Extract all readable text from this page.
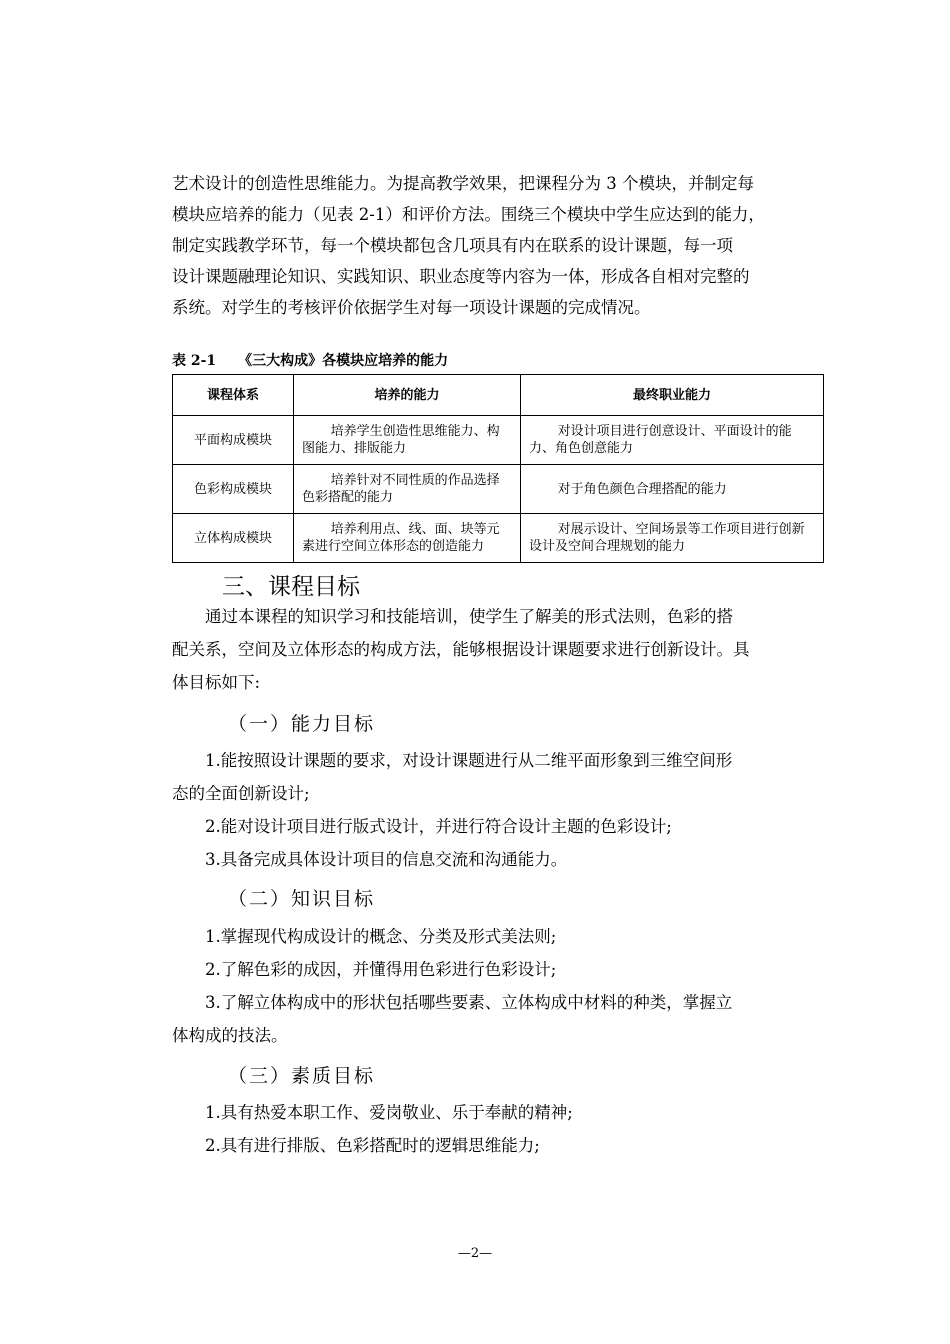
艺术设计的创造性思维能力。为提高教学效果，把课程分为 3 个模块，并制定每

模块应培养的能力（见表 2-1）和评价方法。围绕三个模块中学生应达到的能力，

制定实践教学环节，每一个模块都包含几项具有内在联系的设计课题，每一项

设计课题融理论知识、实践知识、职业态度等内容为一体，形成各自相对完整的

系统。对学生的考核评价依据学生对每一项设计课题的完成情况。

表 2-1 《三大构成》各模块应培养的能力
课程体系	培养的能力	最终职业能力
平面构成模块	培养学生创造性思维能力、构图能力、排版能力	对设计项目进行创意设计、平面设计的能力、角色创意能力
色彩构成模块	培养针对不同性质的作品选择色彩搭配的能力	对于角色颜色合理搭配的能力
立体构成模块	培养利用点、线、面、块等元素进行空间立体形态的创造能力	对展示设计、空间场景等工作项目进行创新设计及空间合理规划的能力
三、课程目标

通过本课程的知识学习和技能培训，使学生了解美的形式法则，色彩的搭

配关系，空间及立体形态的构成方法，能够根据设计课题要求进行创新设计。具

体目标如下:

（一）能力目标

1.能按照设计课题的要求，对设计课题进行从二维平面形象到三维空间形

态的全面创新设计;

2.能对设计项目进行版式设计，并进行符合设计主题的色彩设计;

3.具备完成具体设计项目的信息交流和沟通能力。

（二）知识目标

1.掌握现代构成设计的概念、分类及形式美法则;

2.了解色彩的成因，并懂得用色彩进行色彩设计;

3.了解立体构成中的形状包括哪些要素、立体构成中材料的种类，掌握立

体构成的技法。

（三）素质目标

1.具有热爱本职工作、爱岗敬业、乐于奉献的精神;

2.具有进行排版、色彩搭配时的逻辑思维能力;

—2—
